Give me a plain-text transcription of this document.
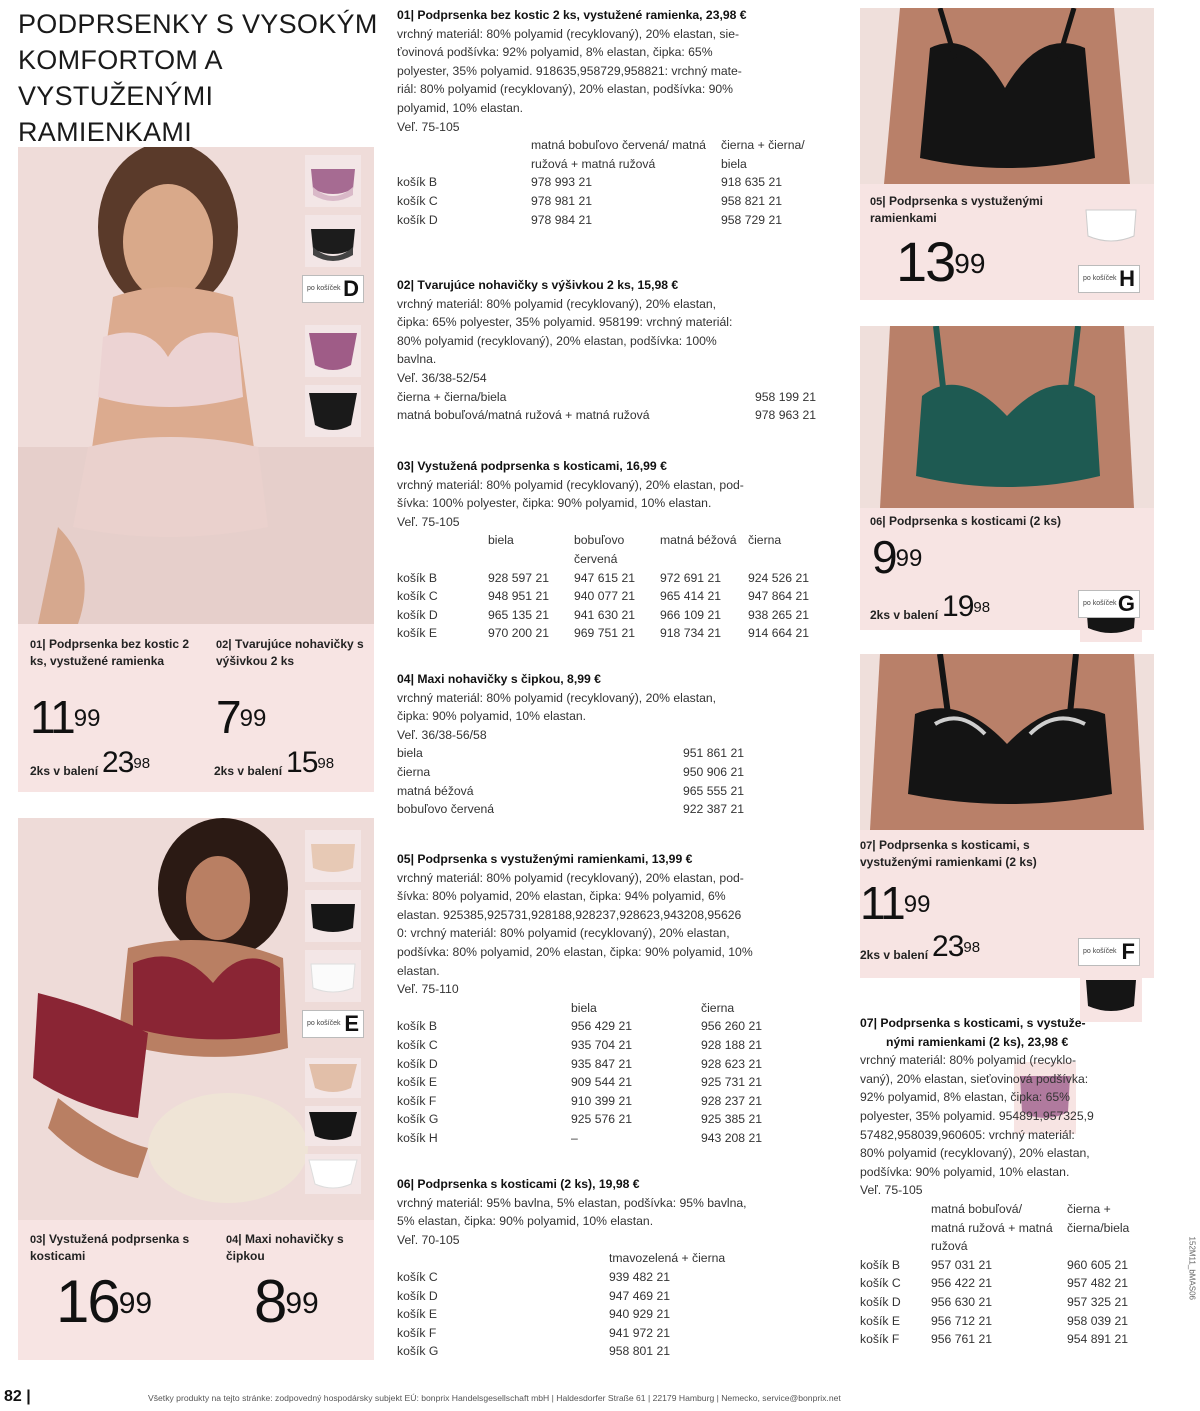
PODPRSENKY S VYSOKÝM KOMFORTOM A VYSTUŽENÝMI RAMIENKAMI
po košíček D
01| Podprsenka bez kostic 2 ks, vystužené ramienka
$11^{99}$
2ks v balení $23^{98}$
02| Tvarujúce nohavičky s výšivkou 2 ks
$7^{99}$
2ks v balení $15^{98}$
po košíček E
03| Vystužená podprsenka s kosticami
$16^{99}$
04| Maxi nohavičky s čipkou
$8^{99}$
01| Podprsenka bez kostic 2 ks, vystužené ramienka, 23,98 €
vrchný materiál: 80% polyamid (recyklovaný), 20% elastan, sie-
ťovinová podšívka: 92% polyamid, 8% elastan, čipka: 65%
polyester, 35% polyamid. 918635,958729,958821: vrchný mate-
riál: 80% polyamid (recyklovaný), 20% elastan, podšívka: 90%
polyamid, 10% elastan.
Veľ. 75-105
	matná bobuľovo červená/ matná ružová + matná ružová	čierna + čierna/ biela
košík B	978 993 21	918 635 21
košík C	978 981 21	958 821 21
košík D	978 984 21	958 729 21
02| Tvarujúce nohavičky s výšivkou 2 ks, 15,98 €
vrchný materiál: 80% polyamid (recyklovaný), 20% elastan,
čipka: 65% polyester, 35% polyamid. 958199: vrchný materiál:
80% polyamid (recyklovaný), 20% elastan, podšívka: 100%
bavlna.
Veľ. 36/38-52/54
čierna + čierna/biela	958 199 21
matná bobuľová/matná ružová + matná ružová	978 963 21
03| Vystužená podprsenka s kosticami, 16,99 €
vrchný materiál: 80% polyamid (recyklovaný), 20% elastan, pod-
šívka: 100% polyester, čipka: 90% polyamid, 10% elastan.
Veľ. 75-105
	biela	bobuľovo červená	matná béžová	čierna
košík B	928 597 21	947 615 21	972 691 21	924 526 21
košík C	948 951 21	940 077 21	965 414 21	947 864 21
košík D	965 135 21	941 630 21	966 109 21	938 265 21
košík E	970 200 21	969 751 21	918 734 21	914 664 21
04| Maxi nohavičky s čipkou, 8,99 €
vrchný materiál: 80% polyamid (recyklovaný), 20% elastan,
čipka: 90% polyamid, 10% elastan.
Veľ. 36/38-56/58
biela	951 861 21
čierna	950 906 21
matná béžová	965 555 21
bobuľovo červená	922 387 21
05| Podprsenka s vystuženými ramienkami, 13,99 €
vrchný materiál: 80% polyamid (recyklovaný), 20% elastan, pod-
šívka: 80% polyamid, 20% elastan, čipka: 94% polyamid, 6%
elastan. 925385,925731,928188,928237,928623,943208,95626
0: vrchný materiál: 80% polyamid (recyklovaný), 20% elastan,
podšívka: 80% polyamid, 20% elastan, čipka: 90% polyamid, 10%
elastan.
Veľ. 75-110
	biela	čierna
košík B	956 429 21	956 260 21
košík C	935 704 21	928 188 21
košík D	935 847 21	928 623 21
košík E	909 544 21	925 731 21
košík F	910 399 21	928 237 21
košík G	925 576 21	925 385 21
košík H	–	943 208 21
06| Podprsenka s kosticami (2 ks), 19,98 €
vrchný materiál: 95% bavlna, 5% elastan, podšívka: 95% bavlna,
5% elastan, čipka: 90% polyamid, 10% elastan.
Veľ. 70-105
	tmavozelená + čierna
košík C	939 482 21
košík D	947 469 21
košík E	940 929 21
košík F	941 972 21
košík G	958 801 21
05| Podprsenka s vystuženými ramienkami
$13^{99}$	po košíček H
06| Podprsenka s kosticami (2 ks)
$9^{99}$
2ks v balení $19^{98}$	po košíček G
07| Podprsenka s kosticami, s vystuženými ramienkami (2 ks)
$11^{99}$
2ks v balení $23^{98}$	po košíček F
07| Podprsenka s kosticami, s vystuže-
nými ramienkami (2 ks), 23,98 €
vrchný materiál: 80% polyamid (recyklo-
vaný), 20% elastan, sieťovinová podšívka:
92% polyamid, 8% elastan, čipka: 65%
polyester, 35% polyamid. 954891,957325,9
57482,958039,960605: vrchný materiál:
80% polyamid (recyklovaný), 20% elastan,
podšívka: 90% polyamid, 10% elastan.
Veľ. 75-105
	matná bobuľová/ matná ružová + matná ružová	čierna + čierna/biela
košík B	957 031 21	960 605 21
košík C	956 422 21	957 482 21
košík D	956 630 21	957 325 21
košík E	956 712 21	958 039 21
košík F	956 761 21	954 891 21
82 |	Všetky produkty na tejto stránke: zodpovedný hospodársky subjekt EÚ: bonprix Handelsgesellschaft mbH | Haldesdorfer Straße 61 | 22179 Hamburg | Nemecko, service@bonprix.net
152M11_bMAS06
